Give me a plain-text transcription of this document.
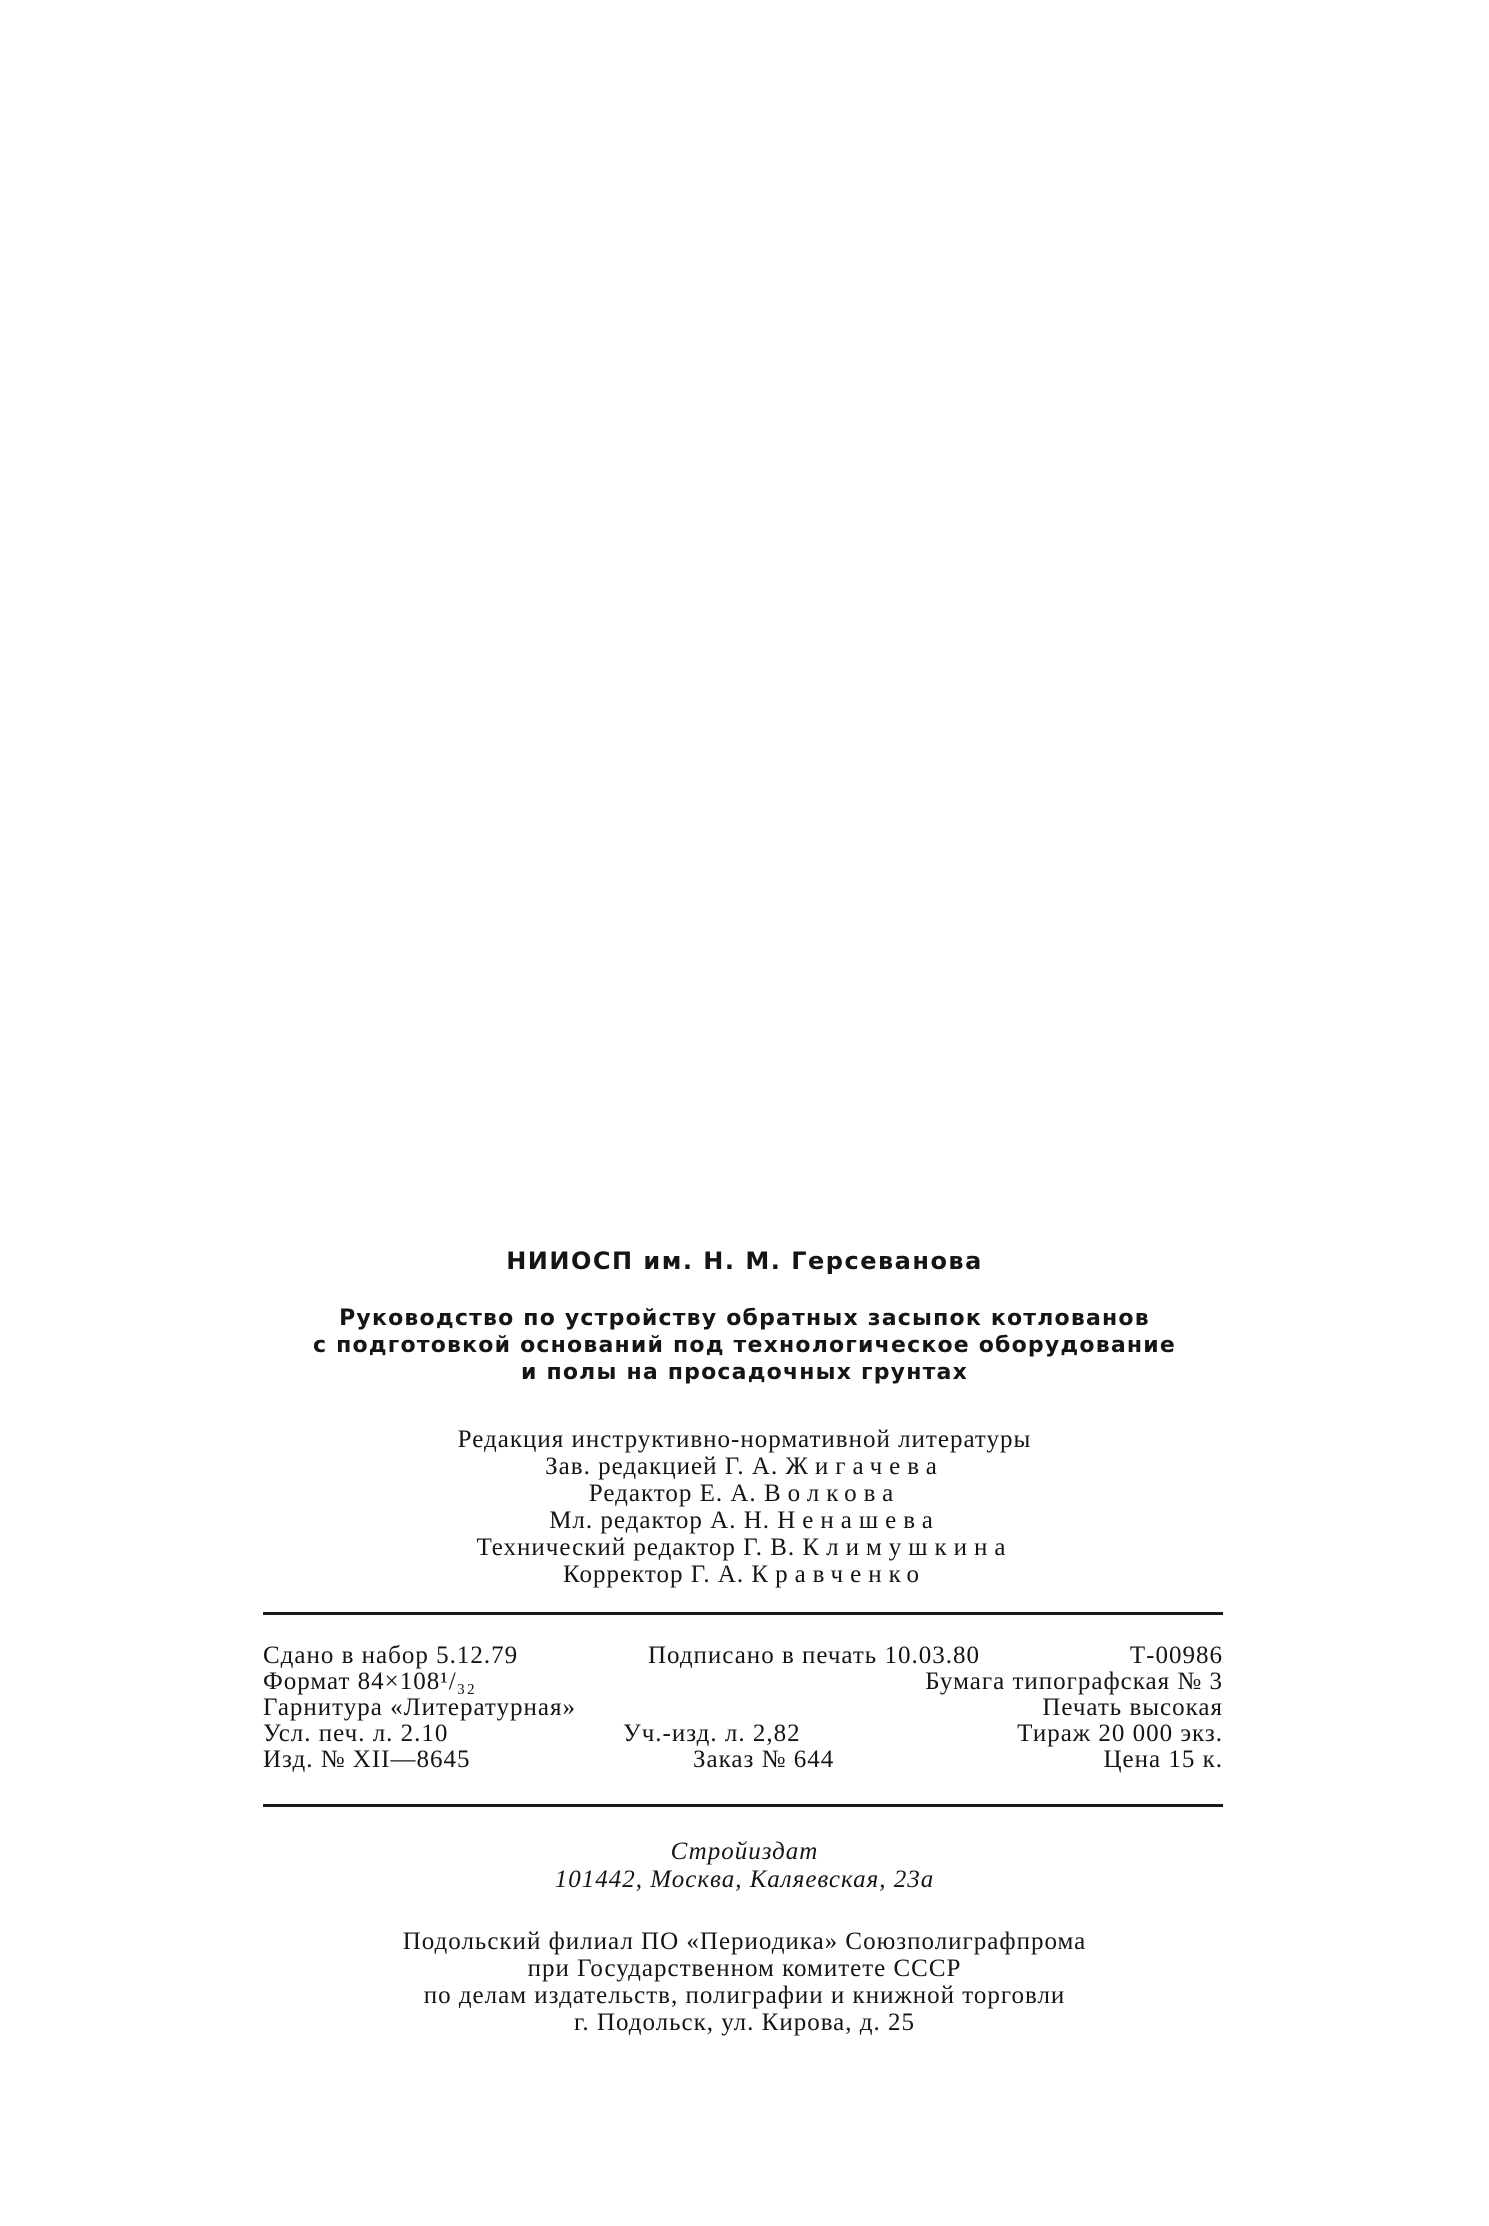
НИИОСП им. Н. М. Герсеванова
Руководство по устройству обратных засыпок котлованов
с подготовкой оснований под технологическое оборудование
и полы на просадочных грунтах
Редакция инструктивно-нормативной литературы
Зав. редакцией Г. А. Жигачева
Редактор Е. А. Волкова
Мл. редактор А. Н. Ненашева
Технический редактор Г. В. Климушкина
Корректор Г. А. Кравченко
Сдано в набор 5.12.79	Подписано в печать 10.03.80	Т-00986
Формат 84×108¹/₃₂	Бумага типографская № 3
Гарнитура «Литературная»	Печать высокая
Усл. печ. л. 2.10	Уч.-изд. л. 2,82	Тираж 20 000 экз.
Изд. № XII—8645	Заказ № 644	Цена 15 к.
Стройиздат
101442, Москва, Каляевская, 23а
Подольский филиал ПО «Периодика» Союзполиграфпрома
при Государственном комитете СССР
по делам издательств, полиграфии и книжной торговли
г. Подольск, ул. Кирова, д. 25
